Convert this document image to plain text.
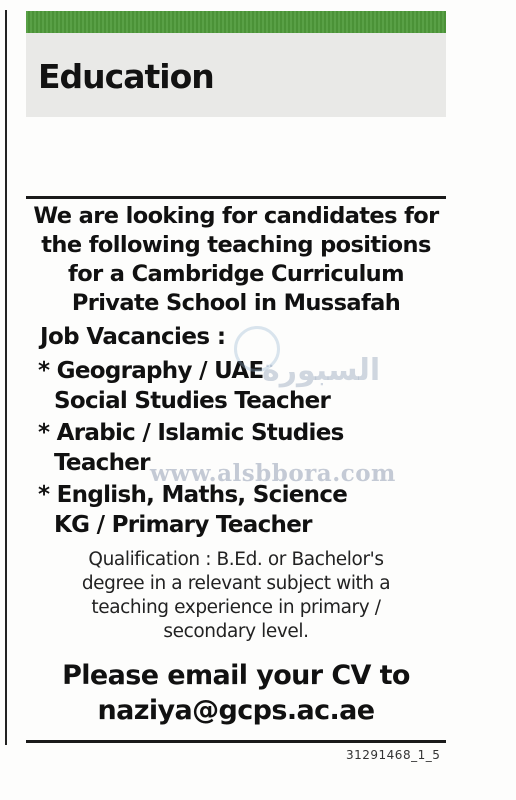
Education
We are looking for candidates for
the following teaching positions
for a Cambridge Curriculum
Private School in Mussafah
Job Vacancies :
* Geography / UAE
Social Studies Teacher
* Arabic / Islamic Studies
Teacher
* English, Maths, Science
KG / Primary Teacher
Qualification : B.Ed. or Bachelor's
degree in a relevant subject with a
teaching experience in primary /
secondary level.
Please email your CV to
naziya@gcps.ac.ae
31291468_1_5
السبورة
www.alsbbora.com
